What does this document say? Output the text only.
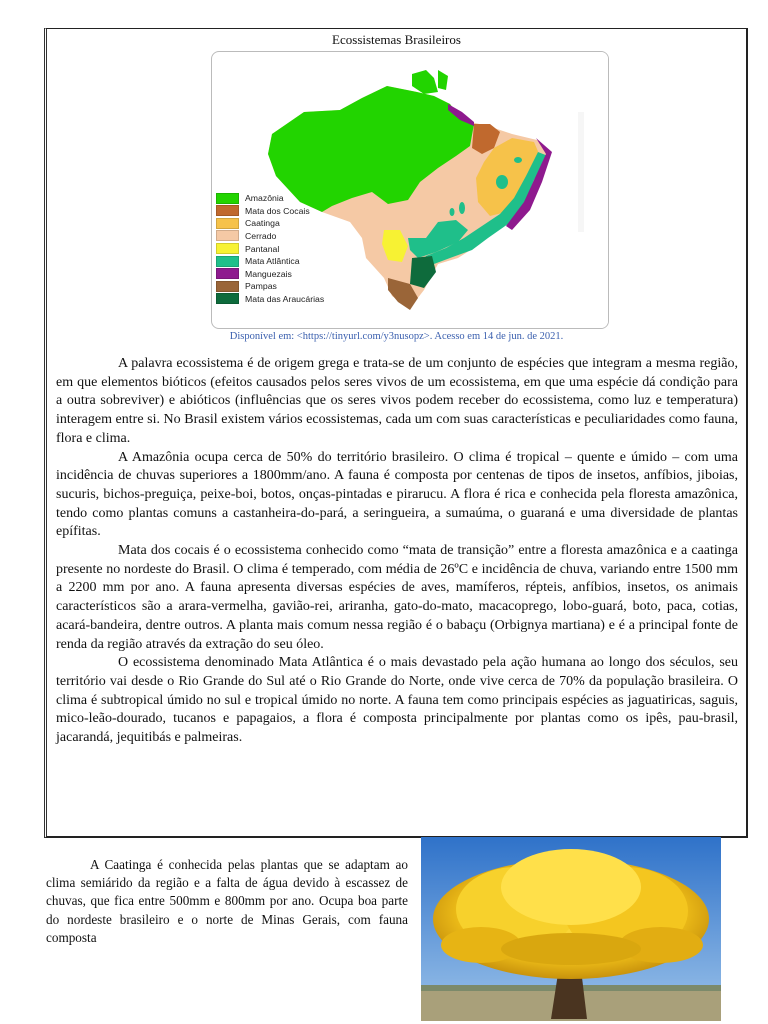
Ecossistemas Brasileiros
Amazônia
Mata dos Cocais
Caatinga
Cerrado
Pantanal
Mata Atlântica
Manguezais
Pampas
Mata das Araucárias
Disponível em: <https://tinyurl.com/y3nusopz>. Acesso em 14 de jun. de 2021.

A palavra ecossistema é de origem grega e trata-se de um conjunto de espécies que integram a mesma região, em que elementos bióticos (efeitos causados pelos seres vivos de um ecossistema, em que uma espécie dá condição para a outra sobreviver) e abióticos (influências que os seres vivos podem receber do ecossistema, como luz e temperatura) interagem entre si. No Brasil existem vários ecossistemas, cada um com suas características e peculiaridades como fauna, flora e clima.

A Amazônia ocupa cerca de 50% do território brasileiro. O clima é tropical – quente e úmido – com uma incidência de chuvas superiores a 1800mm/ano. A fauna é composta por centenas de tipos de insetos, anfíbios, jiboias, sucuris, bichos-preguiça, peixe-boi, botos, onças-pintadas e pirarucu. A flora é rica e conhecida pela floresta amazônica, tendo como plantas comuns a castanheira-do-pará, a seringueira, a sumaúma, o guaraná e uma diversidade de plantas epífitas.

Mata dos cocais é o ecossistema conhecido como “mata de transição” entre a floresta amazônica e a caatinga presente no nordeste do Brasil. O clima é temperado, com média de 26ºC e incidência de chuva, variando entre 1500 mm a 2200 mm por ano. A fauna apresenta diversas espécies de aves, mamíferos, répteis, anfíbios, insetos, os animais característicos são a arara-vermelha, gavião-rei, ariranha, gato-do-mato, macacoprego, lobo-guará, boto, paca, cotias, acará-bandeira, dentre outros. A planta mais comum nessa região é o babaçu (Orbignya martiana) e é a principal fonte de renda da região através da extração do seu óleo.

O ecossistema denominado Mata Atlântica é o mais devastado pela ação humana ao longo dos séculos, seu território vai desde o Rio Grande do Sul até o Rio Grande do Norte, onde vive cerca de 70% da população brasileira. O clima é subtropical úmido no sul e tropical úmido no norte. A fauna tem como principais espécies as jaguatiricas, saguis, mico-leão-dourado, tucanos e papagaios, a flora é composta principalmente por plantas como os ipês, pau-brasil, jacarandá, jequitibás e palmeiras.

A Caatinga é conhecida pelas plantas que se adaptam ao clima semiárido da região e a falta de água devido à escassez de chuvas, que fica entre 500mm e 800mm por ano. Ocupa boa parte do nordeste brasileiro e o norte de Minas Gerais, com fauna composta
